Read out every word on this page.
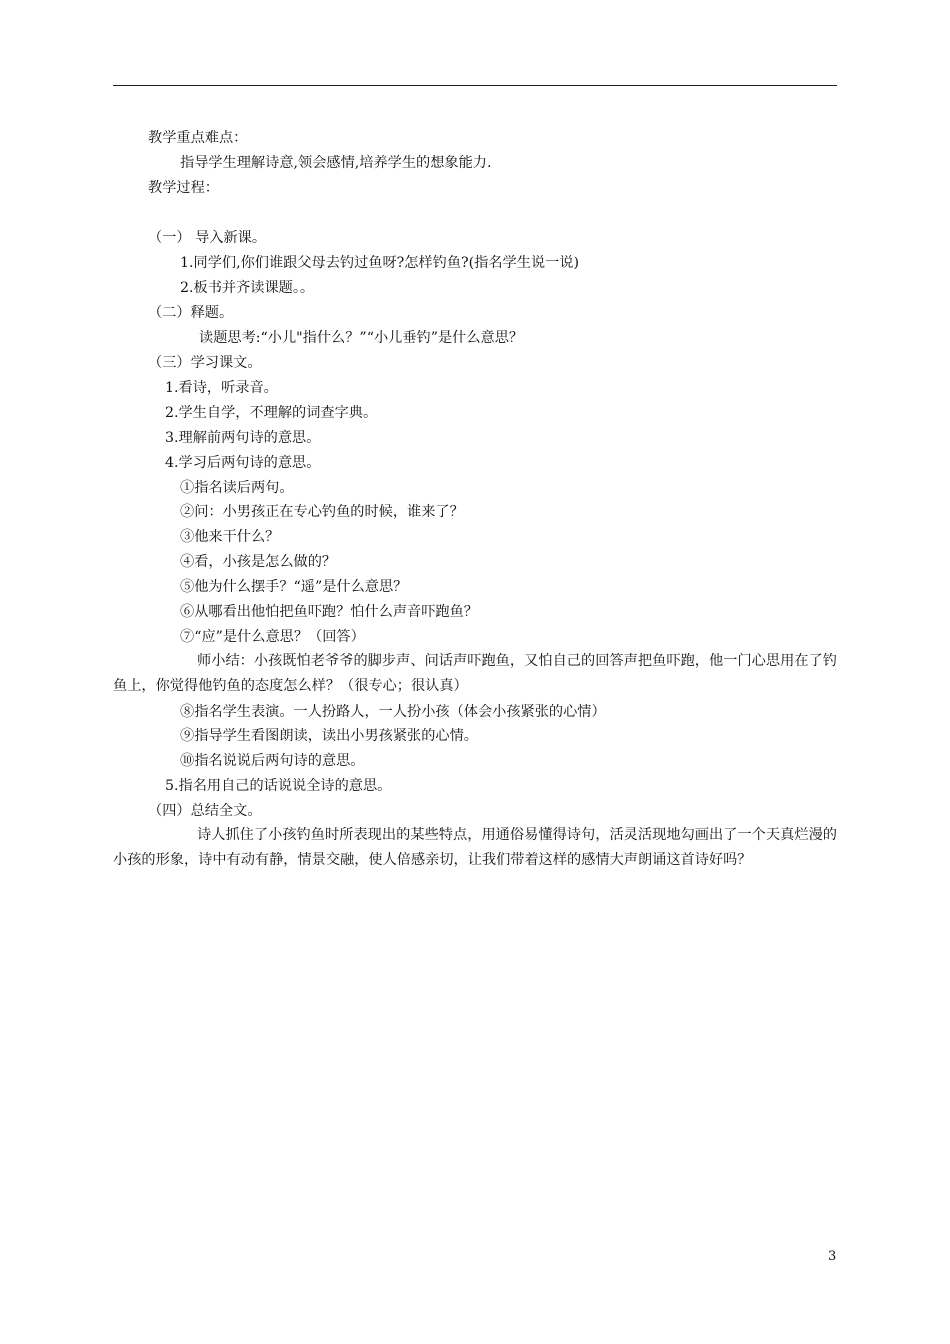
教学重点难点：
指导学生理解诗意,领会感情,培养学生的想象能力.
教学过程：
（一） 导入新课。
1.同学们,你们谁跟父母去钓过鱼呀?怎样钓鱼?(指名学生说一说)
2.板书并齐读课题。。
（二）释题。
读题思考:“小儿"指什么？”“小儿垂钓”是什么意思？
（三）学习课文。
1.看诗，听录音。
2.学生自学，不理解的词查字典。
3.理解前两句诗的意思。
4.学习后两句诗的意思。
①指名读后两句。
②问：小男孩正在专心钓鱼的时候，谁来了？
③他来干什么？
④看，小孩是怎么做的？
⑤他为什么摆手？“遥”是什么意思？
⑥从哪看出他怕把鱼吓跑？怕什么声音吓跑鱼？
⑦“应”是什么意思？（回答）
师小结：小孩既怕老爷爷的脚步声、问话声吓跑鱼，又怕自己的回答声把鱼吓跑，他一门心思用在了钓鱼上，你觉得他钓鱼的态度怎么样？（很专心；很认真）
⑧指名学生表演。一人扮路人，一人扮小孩（体会小孩紧张的心情）
⑨指导学生看图朗读，读出小男孩紧张的心情。
⑩指名说说后两句诗的意思。
5.指名用自己的话说说全诗的意思。
（四）总结全文。
诗人抓住了小孩钓鱼时所表现出的某些特点，用通俗易懂得诗句，活灵活现地勾画出了一个天真烂漫的小孩的形象，诗中有动有静，情景交融，使人倍感亲切，让我们带着这样的感情大声朗诵这首诗好吗？
3
